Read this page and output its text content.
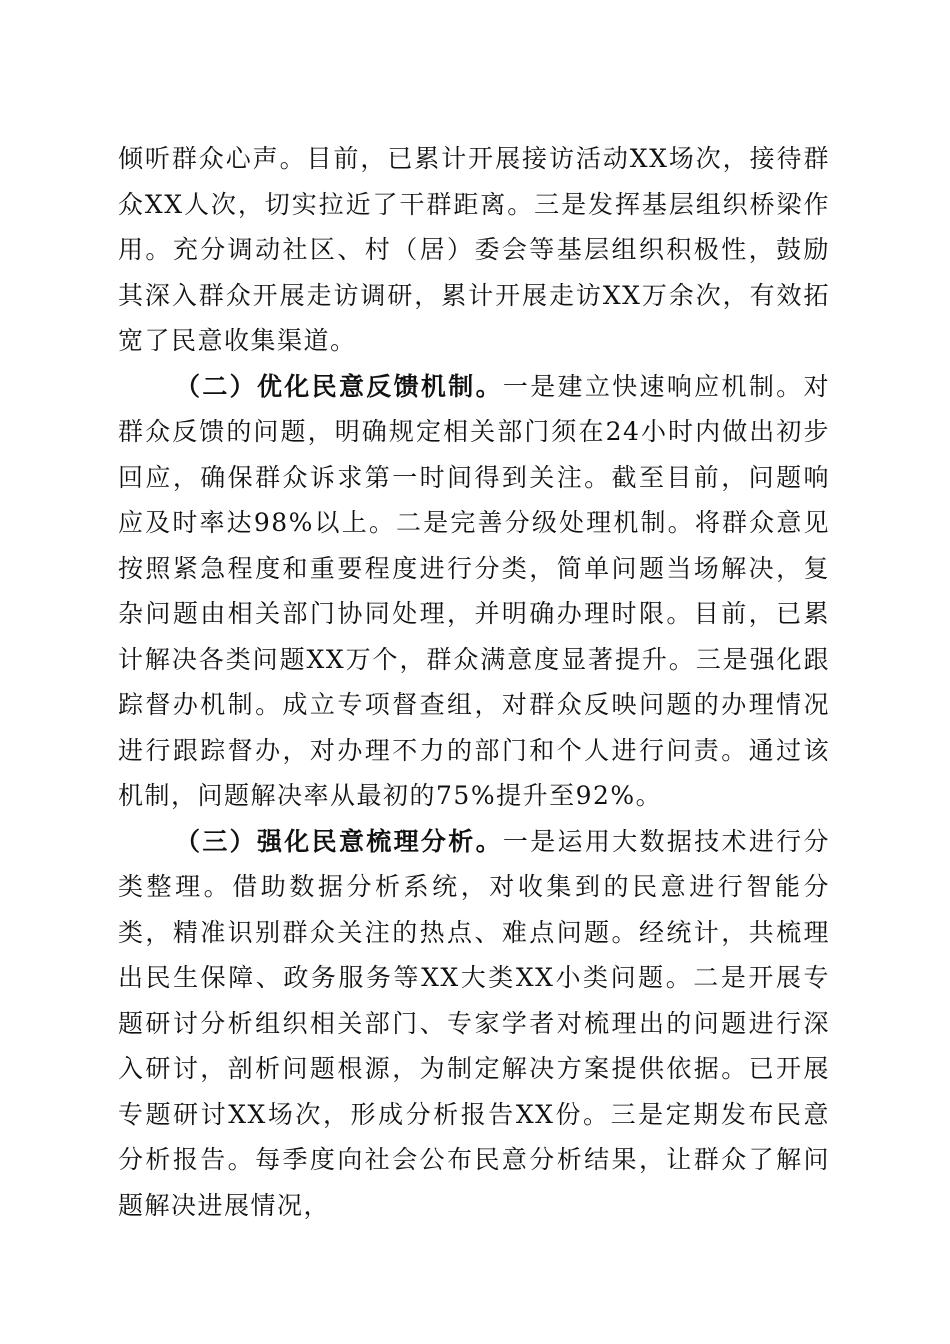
倾听群众心声。目前，已累计开展接访活动XX场次，接待群众XX人次，切实拉近了干群距离。三是发挥基层组织桥梁作用。充分调动社区、村（居）委会等基层组织积极性，鼓励其深入群众开展走访调研，累计开展走访XX万余次，有效拓宽了民意收集渠道。

（二）优化民意反馈机制。一是建立快速响应机制。对群众反馈的问题，明确规定相关部门须在24小时内做出初步回应，确保群众诉求第一时间得到关注。截至目前，问题响应及时率达98%以上。二是完善分级处理机制。将群众意见按照紧急程度和重要程度进行分类，简单问题当场解决，复杂问题由相关部门协同处理，并明确办理时限。目前，已累计解决各类问题XX万个，群众满意度显著提升。三是强化跟踪督办机制。成立专项督查组，对群众反映问题的办理情况进行跟踪督办，对办理不力的部门和个人进行问责。通过该机制，问题解决率从最初的75%提升至92%。

（三）强化民意梳理分析。一是运用大数据技术进行分类整理。借助数据分析系统，对收集到的民意进行智能分类，精准识别群众关注的热点、难点问题。经统计，共梳理出民生保障、政务服务等XX大类XX小类问题。二是开展专题研讨分析组织相关部门、专家学者对梳理出的问题进行深入研讨，剖析问题根源，为制定解决方案提供依据。已开展专题研讨XX场次，形成分析报告XX份。三是定期发布民意分析报告。每季度向社会公布民意分析结果，让群众了解问题解决进展情况，
